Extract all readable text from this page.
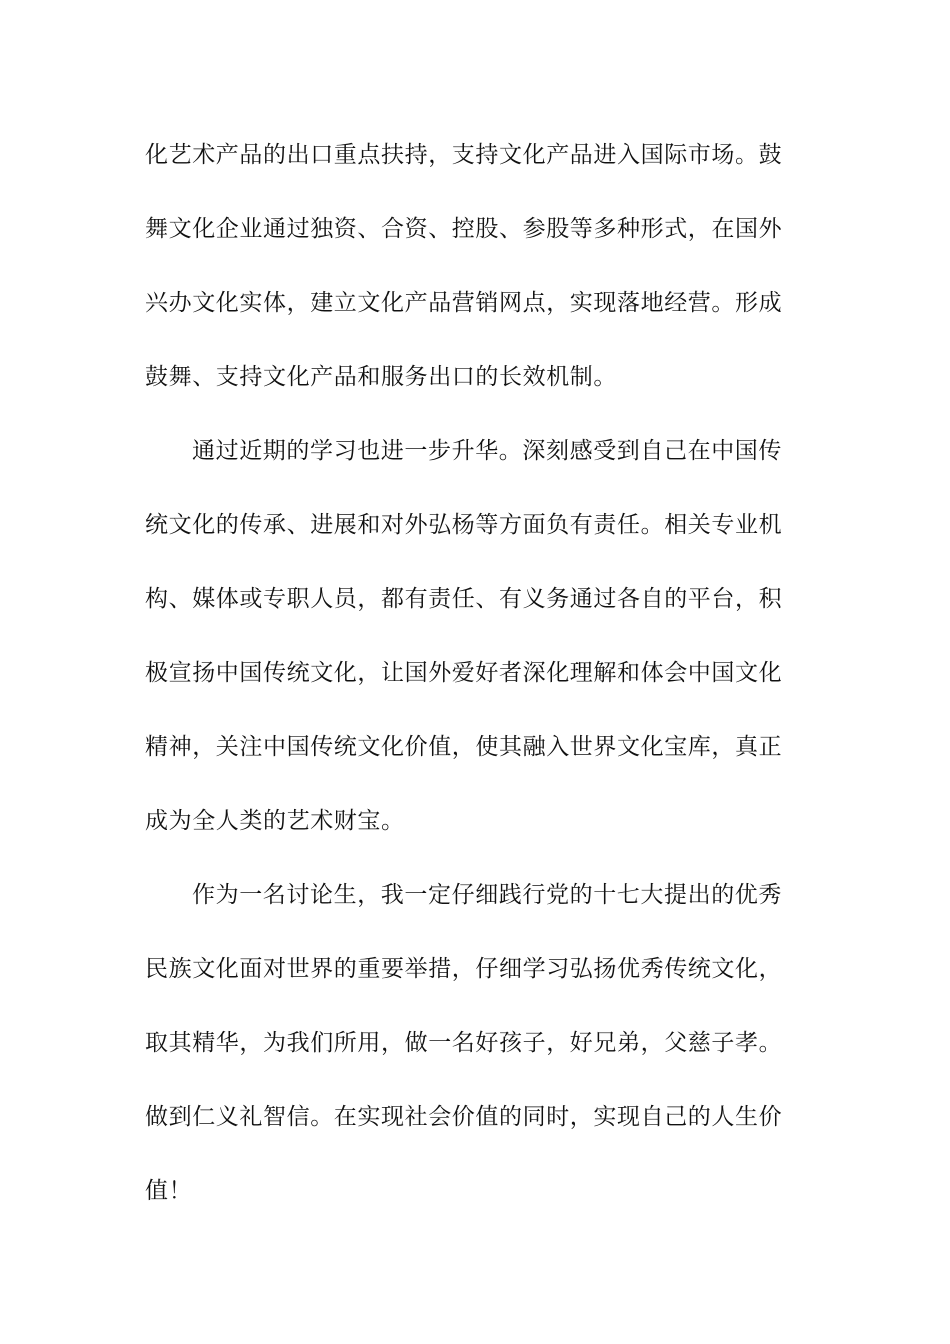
化艺术产品的出口重点扶持，支持文化产品进入国际市场。鼓
舞文化企业通过独资、合资、控股、参股等多种形式，在国外
兴办文化实体，建立文化产品营销网点，实现落地经营。形成
鼓舞、支持文化产品和服务出口的长效机制。
通过近期的学习也进一步升华。深刻感受到自己在中国传
统文化的传承、进展和对外弘杨等方面负有责任。相关专业机
构、媒体或专职人员，都有责任、有义务通过各自的平台，积
极宣扬中国传统文化，让国外爱好者深化理解和体会中国文化
精神，关注中国传统文化价值，使其融入世界文化宝库，真正
成为全人类的艺术财宝。
作为一名讨论生，我一定仔细践行党的十七大提出的优秀
民族文化面对世界的重要举措，仔细学习弘扬优秀传统文化，
取其精华，为我们所用，做一名好孩子，好兄弟，父慈子孝。
做到仁义礼智信。在实现社会价值的同时，实现自己的人生价
值！
